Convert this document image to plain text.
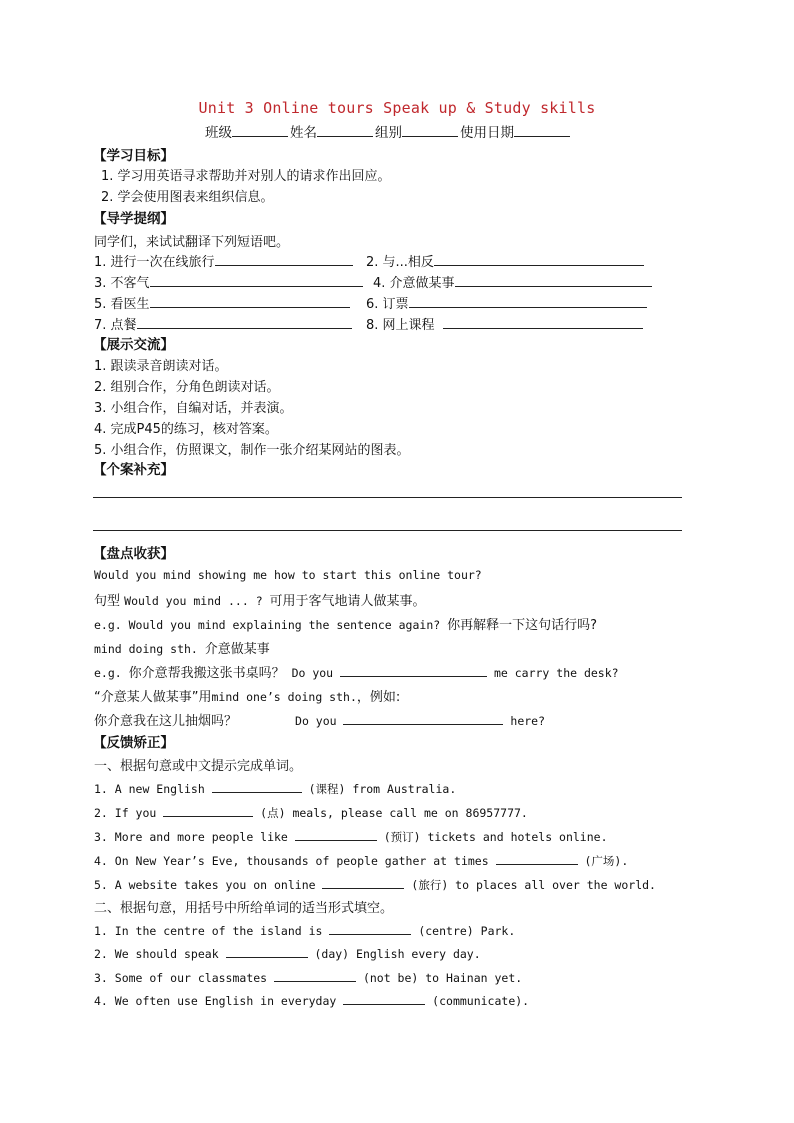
Unit 3 Online tours Speak up & Study skills
班级	姓名	组别	使用日期
【学习目标】
1. 学习用英语寻求帮助并对别人的请求作出回应。
2. 学会使用图表来组织信息。
【导学提纲】
同学们，来试试翻译下列短语吧。
1. 进行一次在线旅行	2. 与...相反
3. 不客气	4. 介意做某事
5. 看医生	6. 订票
7. 点餐	8. 网上课程
【展示交流】
1. 跟读录音朗读对话。
2. 组别合作，分角色朗读对话。
3. 小组合作，自编对话，并表演。
4. 完成P45的练习，核对答案。
5. 小组合作，仿照课文，制作一张介绍某网站的图表。
【个案补充】
【盘点收获】
Would you mind showing me how to start this online tour?
句型 Would you mind ... ? 可用于客气地请人做某事。
e.g. Would you mind explaining the sentence again? 你再解释一下这句话行吗?
mind doing sth. 介意做某事
e.g. 你介意帮我搬这张书桌吗？ Do you	me carry the desk?
“介意某人做某事”用mind one’s doing sth.，例如:
你介意我在这儿抽烟吗？	Do you	here?
【反馈矫正】
一、根据句意或中文提示完成单词。
1. A new English	(课程) from Australia.
2. If you	(点) meals, please call me on 86957777.
3. More and more people like	(预订) tickets and hotels online.
4. On New Year’s Eve, thousands of people gather at times	(广场).
5. A website takes you on online	(旅行) to places all over the world.
二、根据句意，用括号中所给单词的适当形式填空。
1. In the centre of the island is	(centre) Park.
2. We should speak	(day) English every day.
3. Some of our classmates	(not be) to Hainan yet.
4. We often use English in everyday	(communicate).
